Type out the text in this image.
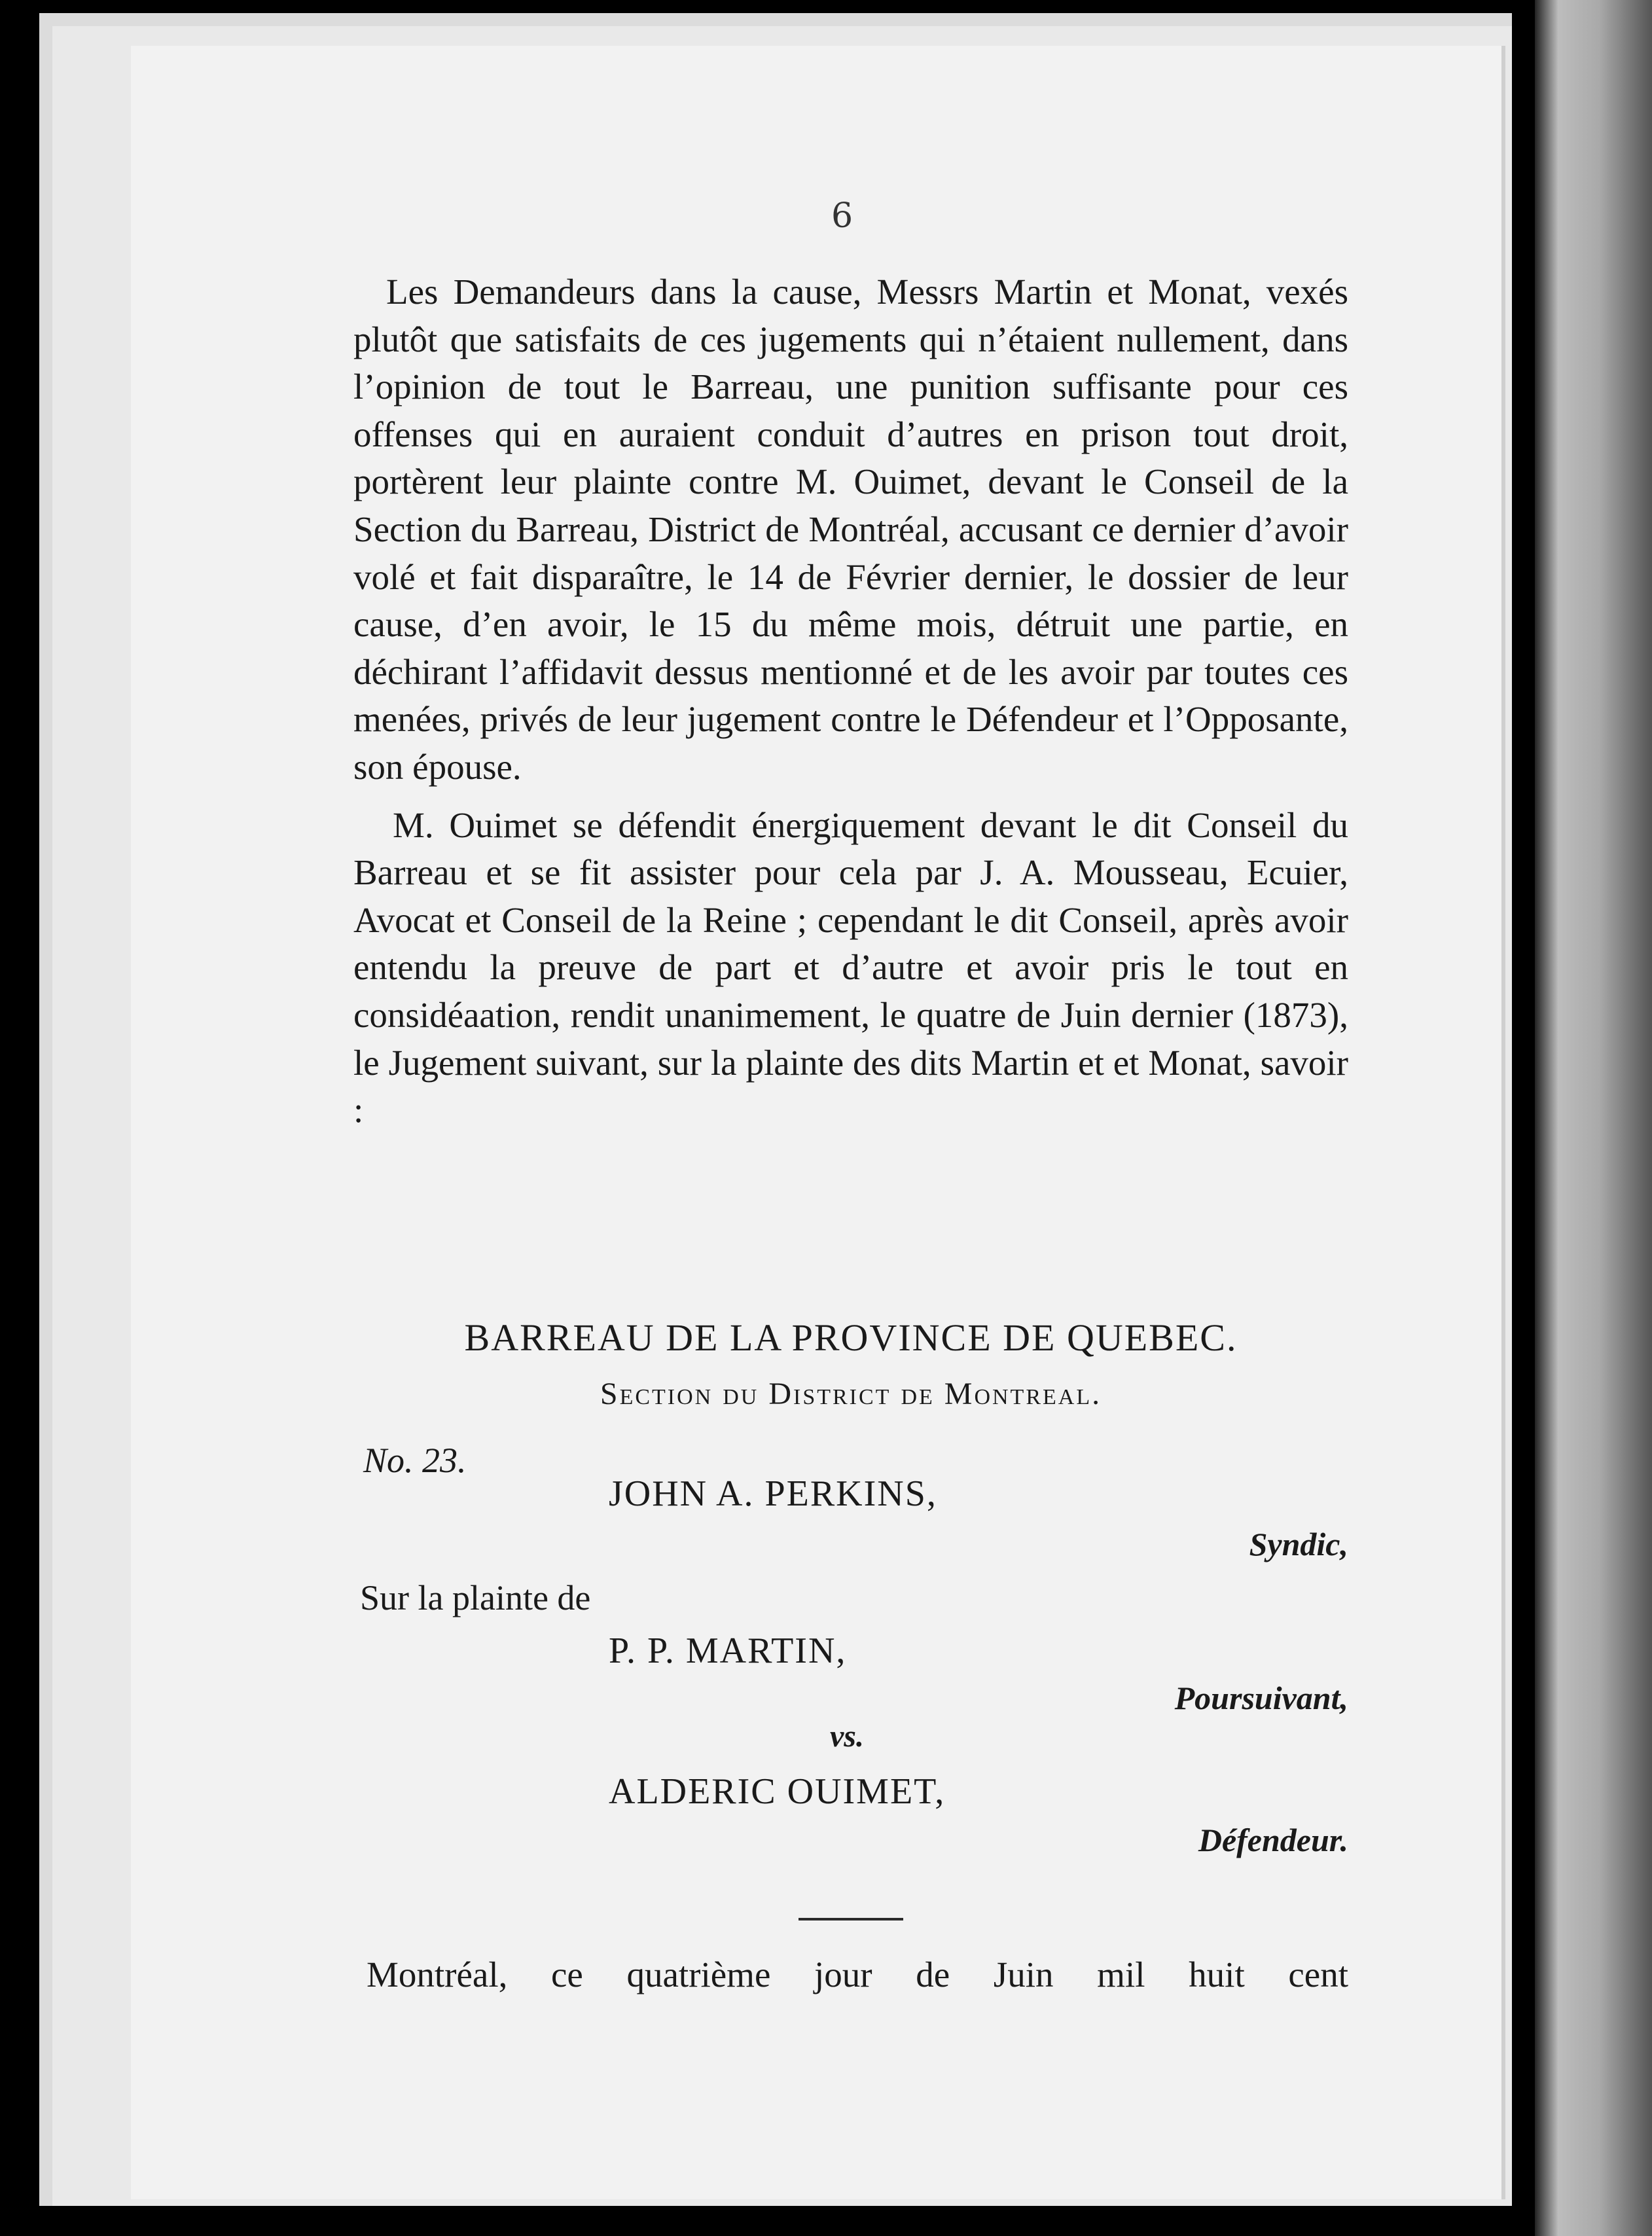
6

Les Demandeurs dans la cause, Messrs Martin et Monat, vexés plutôt que satisfaits de ces jugements qui n’étaient nullement, dans l’opinion de tout le Barreau, une punition suffisante pour ces offenses qui en auraient conduit d’autres en prison tout droit, portèrent leur plainte contre M. Ouimet, devant le Conseil de la Section du Barreau, District de Montréal, accusant ce dernier d’avoir volé et fait disparaître, le 14 de Février dernier, le dossier de leur cause, d’en avoir, le 15 du même mois, détruit une partie, en déchirant l’affidavit dessus mentionné et de les avoir par toutes ces menées, privés de leur jugement contre le Défendeur et l’Opposante, son épouse.

M. Ouimet se défendit énergiquement devant le dit Conseil du Barreau et se fit assister pour cela par J. A. Mousseau, Ecuier, Avocat et Conseil de la Reine ; cependant le dit Conseil, après avoir entendu la preuve de part et d’autre et avoir pris le tout en considéaation, rendit unanimement, le quatre de Juin dernier (1873), le Jugement suivant, sur la plainte des dits Martin et et Monat, savoir :

BARREAU DE LA PROVINCE DE QUEBEC.
Section du District de Montreal.
No. 23.
JOHN A. PERKINS,
Syndic,
Sur la plainte de
P. P. MARTIN,
Poursuivant,
vs.
ALDERIC OUIMET,
Défendeur.
Montréal, ce quatrième jour de Juin mil huit cent
